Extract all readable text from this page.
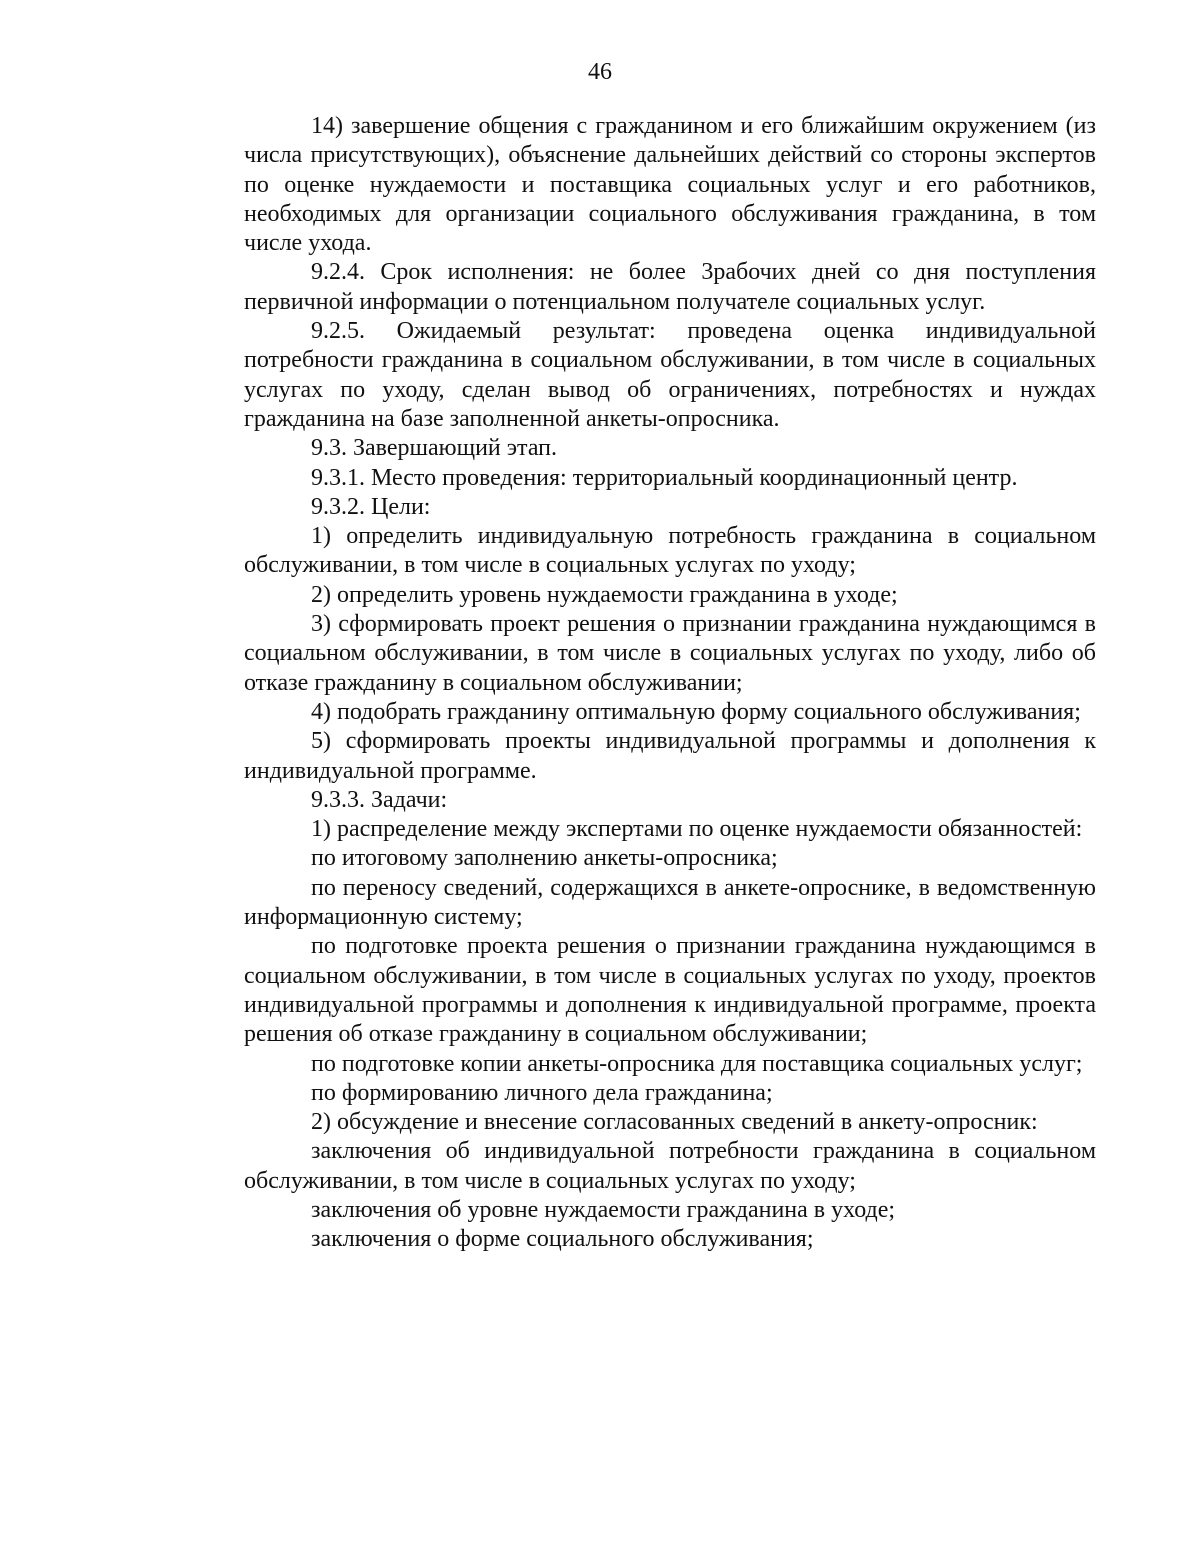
46

14) завершение общения с гражданином и его ближайшим окружением (из числа присутствующих), объяснение дальнейших действий со стороны экспертов по оценке нуждаемости и поставщика социальных услуг и его работников, необходимых для организации социального обслуживания гражданина, в том числе ухода.

9.2.4. Срок исполнения: не более 3рабочих дней со дня поступления первичной информации о потенциальном получателе социальных услуг.

9.2.5. Ожидаемый результат: проведена оценка индивидуальной потребности гражданина в социальном обслуживании, в том числе в социальных услугах по уходу, сделан вывод об ограничениях, потребностях и нуждах гражданина на базе заполненной анкеты-опросника.

9.3. Завершающий этап.

9.3.1. Место проведения: территориальный координационный центр.

9.3.2. Цели:

1) определить индивидуальную потребность гражданина в социальном обслуживании, в том числе в социальных услугах по уходу;

2) определить уровень нуждаемости гражданина в уходе;

3) сформировать проект решения о признании гражданина нуждающимся в социальном обслуживании, в том числе в социальных услугах по уходу, либо об отказе гражданину в социальном обслуживании;

4) подобрать гражданину оптимальную форму социального обслуживания;

5) сформировать проекты индивидуальной программы и дополнения к индивидуальной программе.

9.3.3. Задачи:

1) распределение между экспертами по оценке нуждаемости обязанностей:

по итоговому заполнению анкеты-опросника;

по переносу сведений, содержащихся в анкете-опроснике, в ведомственную информационную систему;

по подготовке проекта решения о признании гражданина нуждающимся в социальном обслуживании, в том числе в социальных услугах по уходу, проектов индивидуальной программы и дополнения к индивидуальной программе, проекта решения об отказе гражданину в социальном обслуживании;

по подготовке копии анкеты-опросника для поставщика социальных услуг;

по формированию личного дела гражданина;

2) обсуждение и внесение согласованных сведений в анкету-опросник:

заключения об индивидуальной потребности гражданина в социальном обслуживании, в том числе в социальных услугах по уходу;

заключения об уровне нуждаемости гражданина в уходе;

заключения о форме социального обслуживания;
